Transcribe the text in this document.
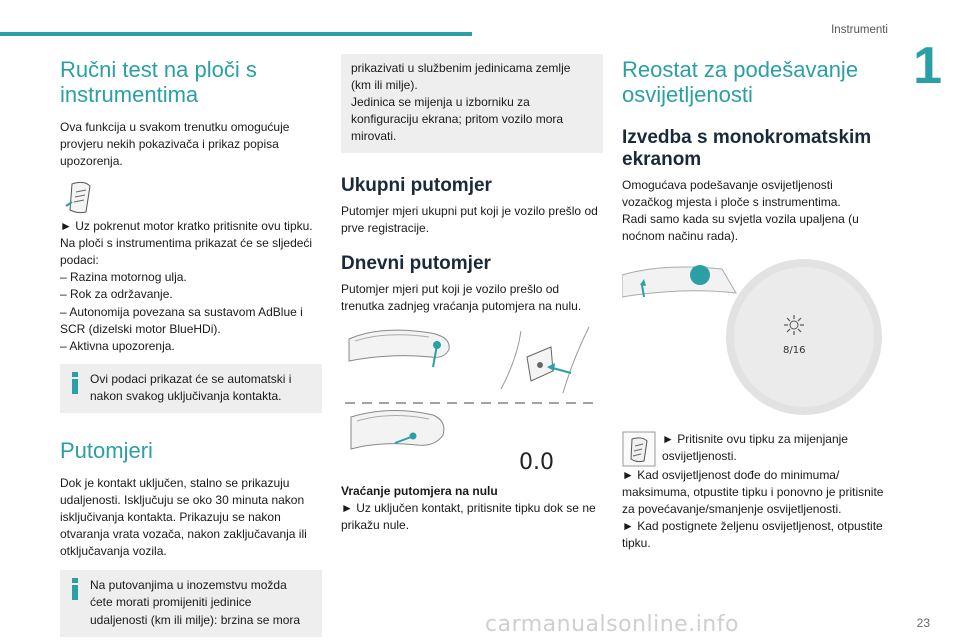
Instrumenti
1
Ručni test na ploči s instrumentima

Ova funkcija u svakom trenutku omogućuje provjeru nekih pokazivača i prikaz popisa upozorenja.

► Uz pokrenut motor kratko pritisnite ovu tipku.

Na ploči s instrumentima prikazat će se sljedeći podaci:

– Razina motornog ulja.
– Rok za održavanje.
– Autonomija povezana sa sustavom AdBlue i SCR (dizelski motor BlueHDi).
– Aktivna upozorenja.

Ovi podaci prikazat će se automatski i nakon svakog uključivanja kontakta.

Putomjeri

Dok je kontakt uključen, stalno se prikazuju udaljenosti. Isključuju se oko 30 minuta nakon isključivanja kontakta. Prikazuju se nakon otvaranja vrata vozača, nakon zaključavanja ili otključavanja vozila.

Na putovanjima u inozemstvu možda ćete morati promijeniti jedinice udaljenosti (km ili milje): brzina se mora

prikazivati u službenim jedinicama zemlje (km ili milje).
Jedinica se mijenja u izborniku za konfiguraciju ekrana; pritom vozilo mora mirovati.

Ukupni putomjer

Putomjer mjeri ukupni put koji je vozilo prešlo od prve registracije.

Dnevni putomjer

Putomjer mjeri put koji je vozilo prešlo od trenutka zadnjeg vraćanja putomjera na nulu.

0.0

Vraćanje putomjera na nulu

► Uz uključen kontakt, pritisnite tipku dok se ne prikažu nule.

Reostat za podešavanje osvijetljenosti
Izvedba s monokromatskim ekranom

Omogućava podešavanje osvijetljenosti vozačkog mjesta i ploče s instrumentima.
Radi samo kada su svjetla vozila upaljena (u noćnom načinu rada).

8/16

► Pritisnite ovu tipku za mijenjanje osvijetljenosti.

► Kad osvijetljenost dođe do minimuma/ maksimuma, otpustite tipku i ponovno je pritisnite za povećavanje/smanjenje osvijetljenosti.

► Kad postignete željenu osvijetljenost, otpustite tipku.

carmanualsonline.info	23
